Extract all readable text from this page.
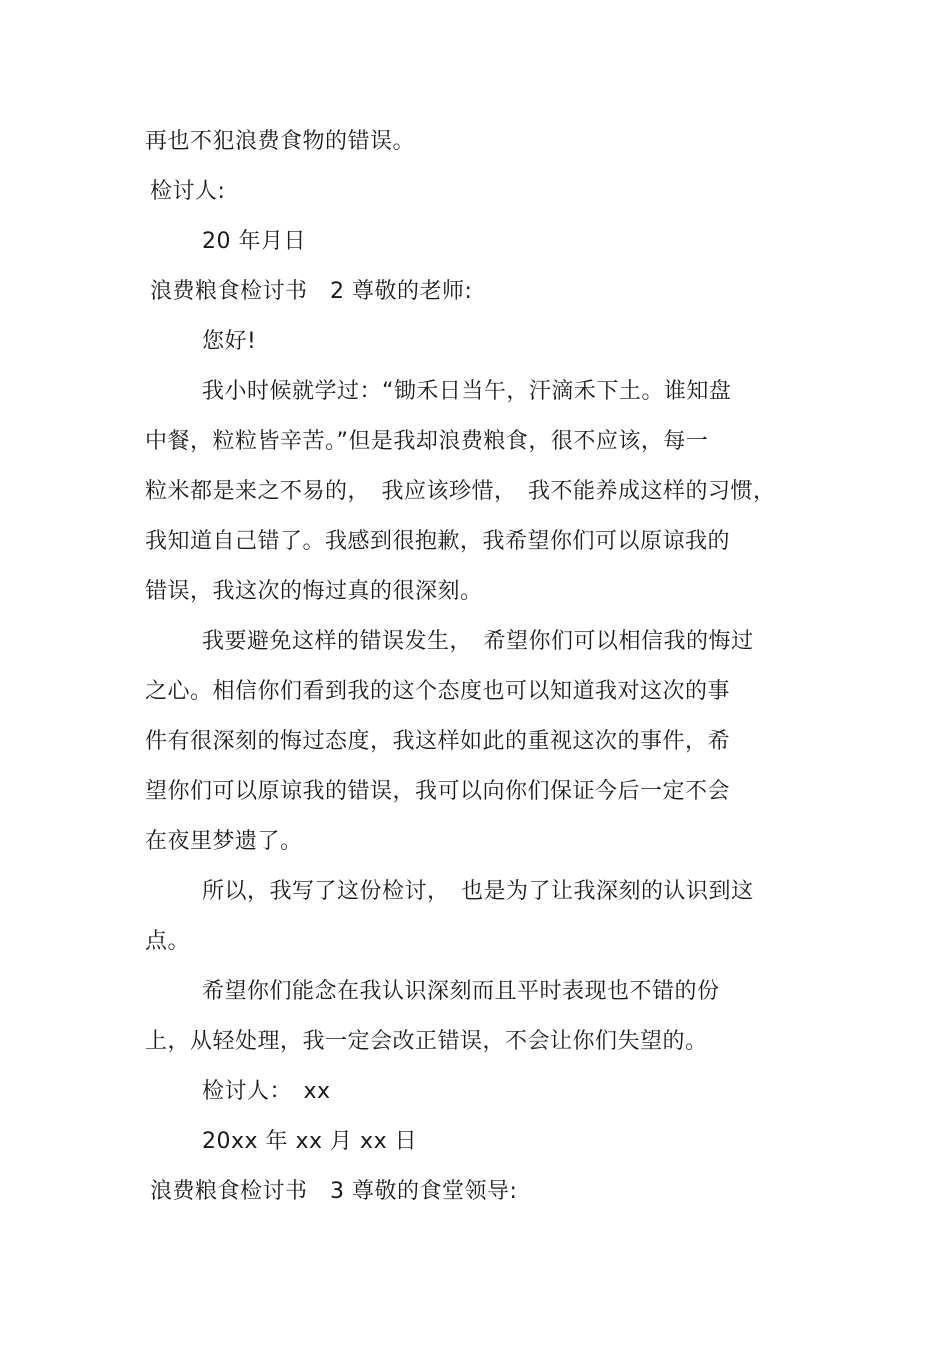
再也不犯浪费食物的错误。
检讨人:
20 年月日
浪费粮食检讨书　2 尊敬的老师:
您好!
我小时候就学过：“锄禾日当午，汗滴禾下土。谁知盘
中餐，粒粒皆辛苦。”但是我却浪费粮食，很不应该，每一
粒米都是来之不易的，　我应该珍惜，　我不能养成这样的习惯，
我知道自己错了。我感到很抱歉，我希望你们可以原谅我的
错误，我这次的悔过真的很深刻。
我要避免这样的错误发生，　希望你们可以相信我的悔过
之心。相信你们看到我的这个态度也可以知道我对这次的事
件有很深刻的悔过态度，我这样如此的重视这次的事件，希
望你们可以原谅我的错误，我可以向你们保证今后一定不会
在夜里梦遗了。
所以，我写了这份检讨，　也是为了让我深刻的认识到这
点。
希望你们能念在我认识深刻而且平时表现也不错的份
上，从轻处理，我一定会改正错误，不会让你们失望的。
检讨人：　xx
20xx 年 xx 月 xx 日
浪费粮食检讨书　3 尊敬的食堂领导:
